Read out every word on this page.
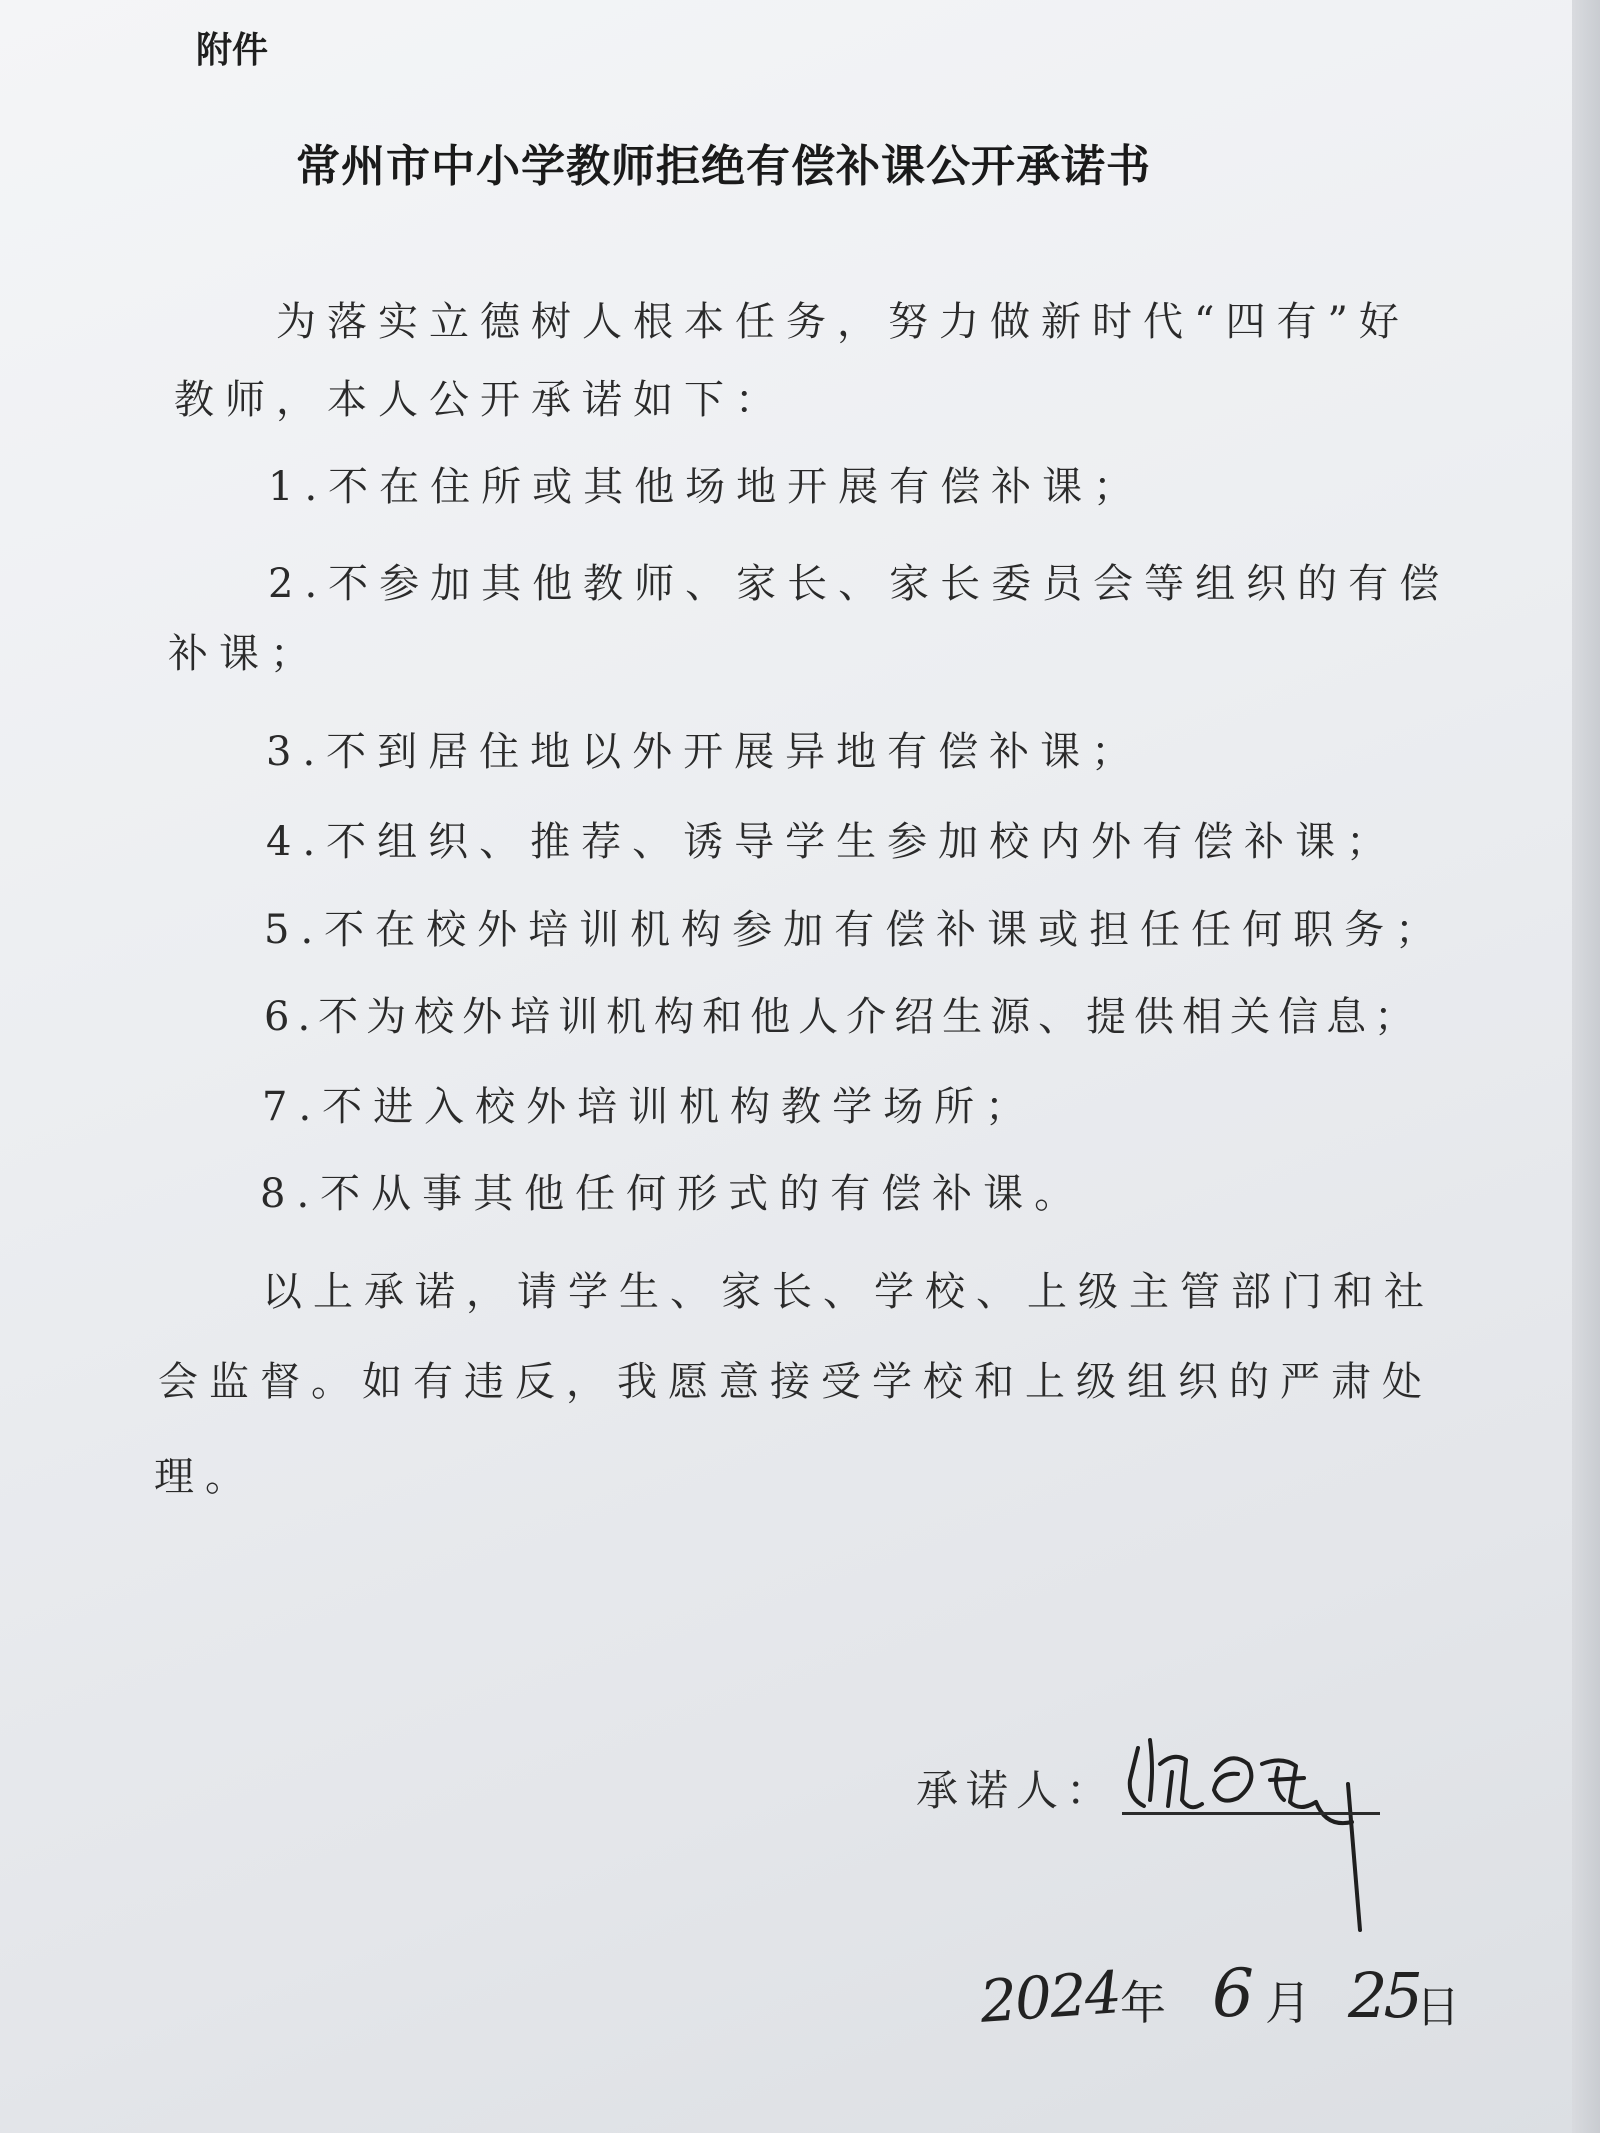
附件
常州市中小学教师拒绝有偿补课公开承诺书
为落实立德树人根本任务，努力做新时代“四有”好
教师，本人公开承诺如下：
1.不在住所或其他场地开展有偿补课；
2.不参加其他教师、家长、家长委员会等组织的有偿
补课；
3.不到居住地以外开展异地有偿补课；
4.不组织、推荐、诱导学生参加校内外有偿补课；
5.不在校外培训机构参加有偿补课或担任任何职务；
6.不为校外培训机构和他人介绍生源、提供相关信息；
7.不进入校外培训机构教学场所；
8.不从事其他任何形式的有偿补课。
以上承诺，请学生、家长、学校、上级主管部门和社
会监督。如有违反，我愿意接受学校和上级组织的严肃处
理。
承诺人：
2024
年 6 月 25
日
